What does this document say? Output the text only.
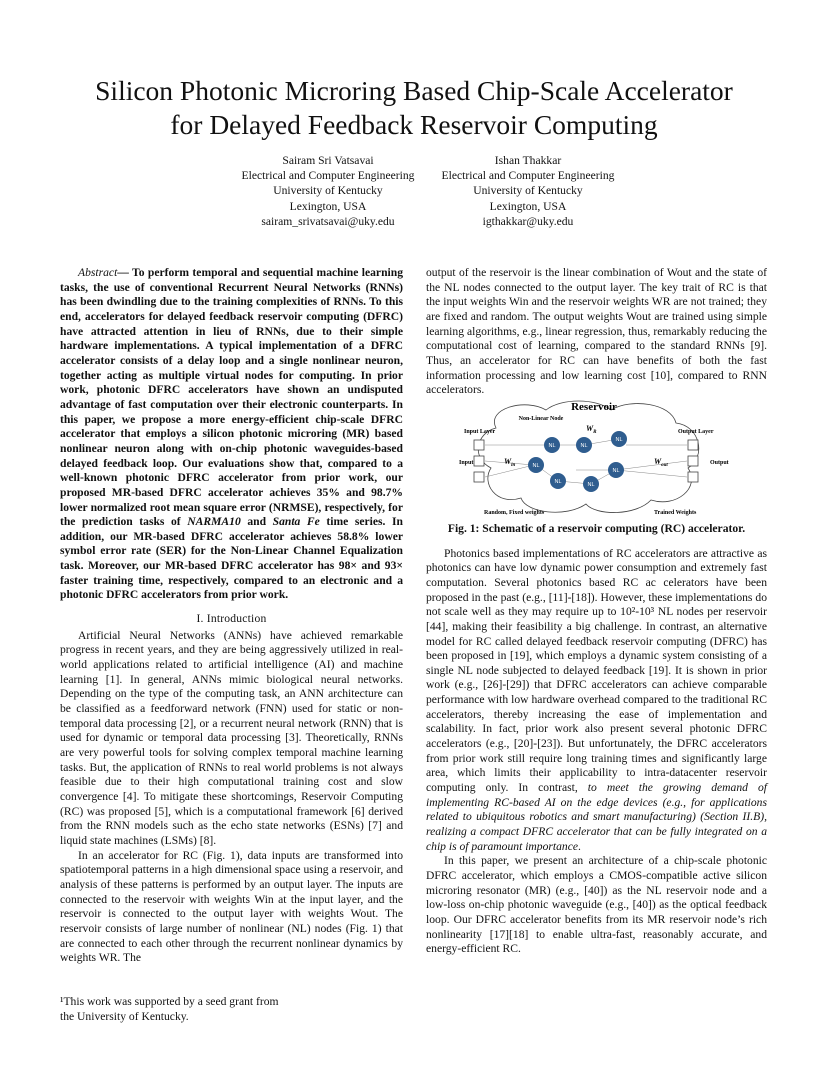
Silicon Photonic Microring Based Chip-Scale Accelerator
for Delayed Feedback Reservoir Computing
Sairam Sri Vatsavai
Electrical and Computer Engineering
University of Kentucky
Lexington, USA
sairam_srivatsavai@uky.edu
Ishan Thakkar
Electrical and Computer Engineering
University of Kentucky
Lexington, USA
igthakkar@uky.edu

Abstract— To perform temporal and sequential machine learning tasks, the use of conventional Recurrent Neural Networks (RNNs) has been dwindling due to the training complexities of RNNs. To this end, accelerators for delayed feedback reservoir computing (DFRC) have attracted attention in lieu of RNNs, due to their simple hardware implementations. A typical implementation of a DFRC accelerator consists of a delay loop and a single nonlinear neuron, together acting as multiple virtual nodes for computing. In prior work, photonic DFRC accelerators have shown an undisputed advantage of fast computation over their electronic counterparts. In this paper, we propose a more energy-efficient chip-scale DFRC accelerator that employs a silicon photonic microring (MR) based nonlinear neuron along with on-chip photonic waveguides-based delayed feedback loop. Our evaluations show that, compared to a well-known photonic DFRC accelerator from prior work, our proposed MR-based DFRC accelerator achieves 35% and 98.7% lower normalized root mean square error (NRMSE), respectively, for the prediction tasks of NARMA10 and Santa Fe time series. In addition, our MR-based DFRC accelerator achieves 58.8% lower symbol error rate (SER) for the Non-Linear Channel Equalization task. Moreover, our MR-based DFRC accelerator has 98× and 93× faster training time, respectively, compared to an electronic and a photonic DFRC accelerators from prior work.

I. Introduction

Artificial Neural Networks (ANNs) have achieved remarkable progress in recent years, and they are being aggressively utilized in real-world applications related to artificial intelligence (AI) and machine learning [1]. In general, ANNs mimic biological neural networks. Depending on the type of the computing task, an ANN architecture can be classified as a feedforward network (FNN) used for static or non-temporal data processing [2], or a recurrent neural network (RNN) that is used for dynamic or temporal data processing [3]. Theoretically, RNNs are very powerful tools for solving complex temporal machine learning tasks. But, the application of RNNs to real world problems is not always feasible due to their high computational training cost and slow convergence [4]. To mitigate these shortcomings, Reservoir Computing (RC) was proposed [5], which is a computational framework [6] derived from the RNN models such as the echo state networks (ESNs) [7] and liquid state machines (LSMs) [8].

In an accelerator for RC (Fig. 1), data inputs are transformed into spatiotemporal patterns in a high dimensional space using a reservoir, and analysis of these patterns is performed by an output layer. The inputs are connected to the reservoir with weights Win at the input layer, and the reservoir is connected to the output layer with weights Wout. The reservoir consists of large number of nonlinear (NL) nodes (Fig. 1) that are connected to each other through the recurrent nonlinear dynamics by weights WR. The

output of the reservoir is the linear combination of Wout and the state of the NL nodes connected to the output layer. The key trait of RC is that the input weights Win and the reservoir weights WR are not trained; they are fixed and random. The output weights Wout are trained using simple learning algorithms, e.g., linear regression, thus, remarkably reducing the computational cost of learning, compared to the standard RNNs [9]. Thus, an accelerator for RC can have benefits of both the fast information processing and low learning cost [10], compared to RNN accelerators.

Reservoir
Non-Linear Node
Input Layer	Output Layer
Input	Output
$W_{in}$
$W_R$
$W_{out}$
NL	NL
NL
NL
NL
NL	NL
Random, Fixed weights	Trained Weights

Fig. 1: Schematic of a reservoir computing (RC) accelerator.

Photonics based implementations of RC accelerators are attractive as photonics can have low dynamic power consumption and extremely fast computation. Several photonics based RC ac celerators have been proposed in the past (e.g., [11]-[18]). However, these implementations do not scale well as they may require up to 10²-10³ NL nodes per reservoir [44], making their feasibility a big challenge. In contrast, an alternative model for RC called delayed feedback reservoir computing (DFRC) has been proposed in [19], which employs a dynamic system consisting of a single NL node subjected to delayed feedback [19]. It is shown in prior work (e.g., [26]-[29]) that DFRC accelerators can achieve comparable performance with low hardware overhead compared to the traditional RC accelerators, thereby increasing the ease of implementation and scalability. In fact, prior work also present several photonic DFRC accelerators (e.g., [20]-[23]). But unfortunately, the DFRC accelerators from prior work still require long training times and significantly large area, which limits their applicability to intra-datacenter reservoir computing only. In contrast, to meet the growing demand of implementing RC-based AI on the edge devices (e.g., for applications related to ubiquitous robotics and smart manufacturing) (Section II.B), realizing a compact DFRC accelerator that can be fully integrated on a chip is of paramount importance.

In this paper, we present an architecture of a chip-scale photonic DFRC accelerator, which employs a CMOS-compatible active silicon microring resonator (MR) (e.g., [40]) as the NL reservoir node and a low-loss on-chip photonic waveguide (e.g., [40]) as the optical feedback loop. Our DFRC accelerator benefits from its MR reservoir node’s rich nonlinearity [17][18] to enable ultra-fast, reasonably accurate, and energy-efficient RC.

¹This work was supported by a seed grant from
the University of Kentucky.
